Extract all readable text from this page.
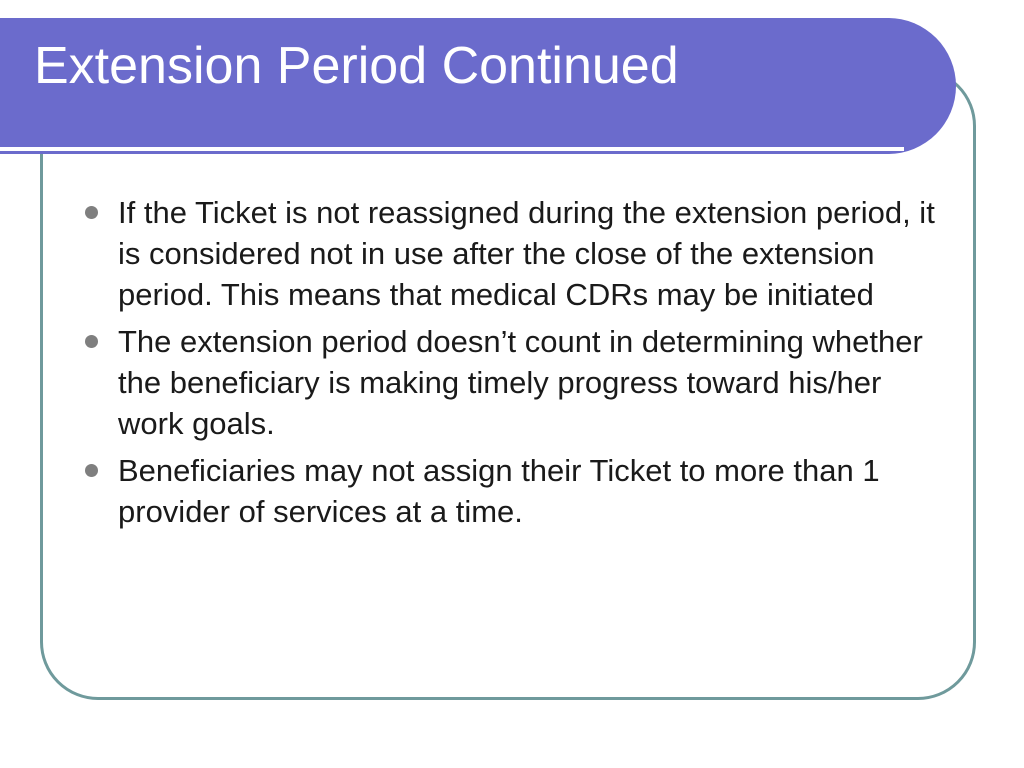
Extension Period Continued
If the Ticket is not reassigned during the extension period, it is considered not in use after the close of the extension period. This means that medical CDRs may be initiated
The extension period doesn’t count in determining whether the beneficiary is making timely progress toward his/her work goals.
Beneficiaries may not assign their Ticket to more than 1 provider of services at a time.
